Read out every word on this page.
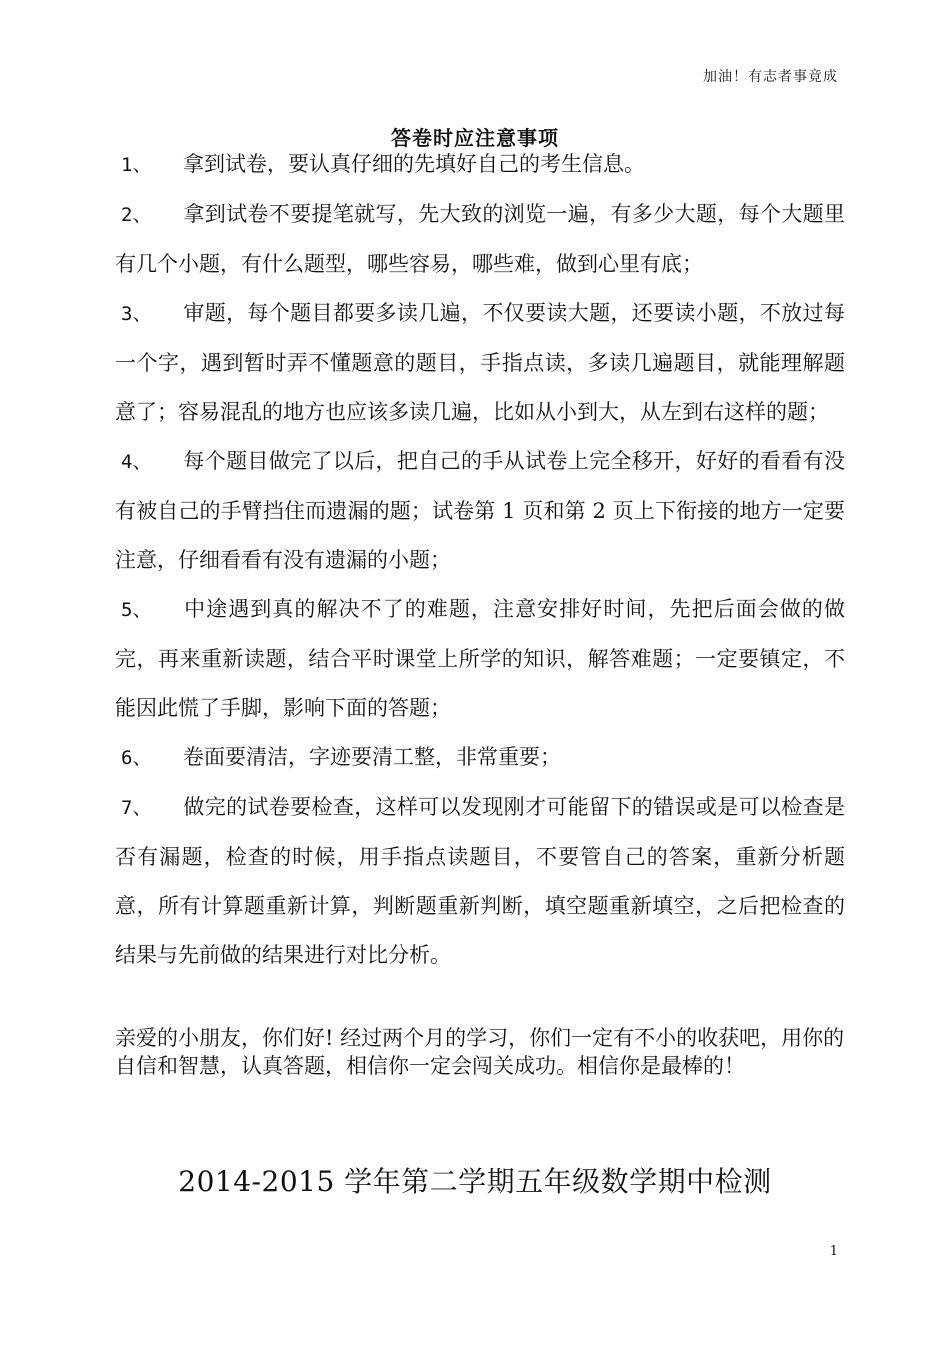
加油！有志者事竟成
答卷时应注意事项

1、 拿到试卷，要认真仔细的先填好自己的考生信息。

2、 拿到试卷不要提笔就写，先大致的浏览一遍，有多少大题，每个大题里有几个小题，有什么题型，哪些容易，哪些难，做到心里有底；

3、 审题，每个题目都要多读几遍，不仅要读大题，还要读小题，不放过每一个字，遇到暂时弄不懂题意的题目，手指点读，多读几遍题目，就能理解题意了；容易混乱的地方也应该多读几遍，比如从小到大，从左到右这样的题；

4、 每个题目做完了以后，把自己的手从试卷上完全移开，好好的看看有没有被自己的手臂挡住而遗漏的题；试卷第 1 页和第 2 页上下衔接的地方一定要注意，仔细看看有没有遗漏的小题；

5、 中途遇到真的解决不了的难题，注意安排好时间，先把后面会做的做完，再来重新读题，结合平时课堂上所学的知识，解答难题；一定要镇定，不能因此慌了手脚，影响下面的答题；

6、 卷面要清洁，字迹要清工整，非常重要；

7、 做完的试卷要检查，这样可以发现刚才可能留下的错误或是可以检查是否有漏题，检查的时候，用手指点读题目，不要管自己的答案，重新分析题意，所有计算题重新计算，判断题重新判断，填空题重新填空，之后把检查的结果与先前做的结果进行对比分析。

亲爱的小朋友，你们好! 经过两个月的学习，你们一定有不小的收获吧，用你的自信和智慧，认真答题，相信你一定会闯关成功。相信你是最棒的！

2014-2015 学年第二学期五年级数学期中检测
1
